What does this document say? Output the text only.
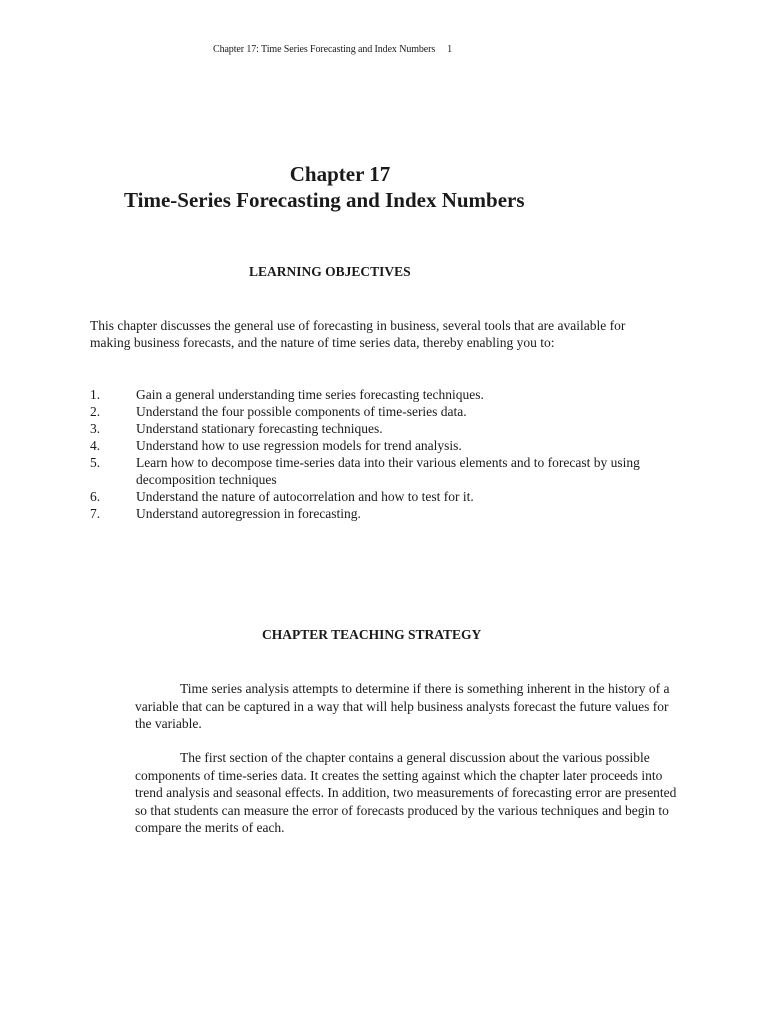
Chapter 17: Time Series Forecasting and Index Numbers 1
Chapter 17
Time-Series Forecasting and Index Numbers
LEARNING OBJECTIVES
This chapter discusses the general use of forecasting in business, several tools that are available for making business forecasts, and the nature of time series data, thereby enabling you to:
1.	Gain a general understanding time series forecasting techniques.
2.	Understand the four possible components of time-series data.
3.	Understand stationary forecasting techniques.
4.	Understand how to use regression models for trend analysis.
5.	Learn how to decompose time-series data into their various elements and to forecast by using decomposition techniques
6.	Understand the nature of autocorrelation and how to test for it.
7.	Understand autoregression in forecasting.
CHAPTER TEACHING STRATEGY
Time series analysis attempts to determine if there is something inherent in the history of a variable that can be captured in a way that will help business analysts forecast the future values for the variable.
The first section of the chapter contains a general discussion about the various possible components of time-series data. It creates the setting against which the chapter later proceeds into trend analysis and seasonal effects. In addition, two measurements of forecasting error are presented so that students can measure the error of forecasts produced by the various techniques and begin to compare the merits of each.
